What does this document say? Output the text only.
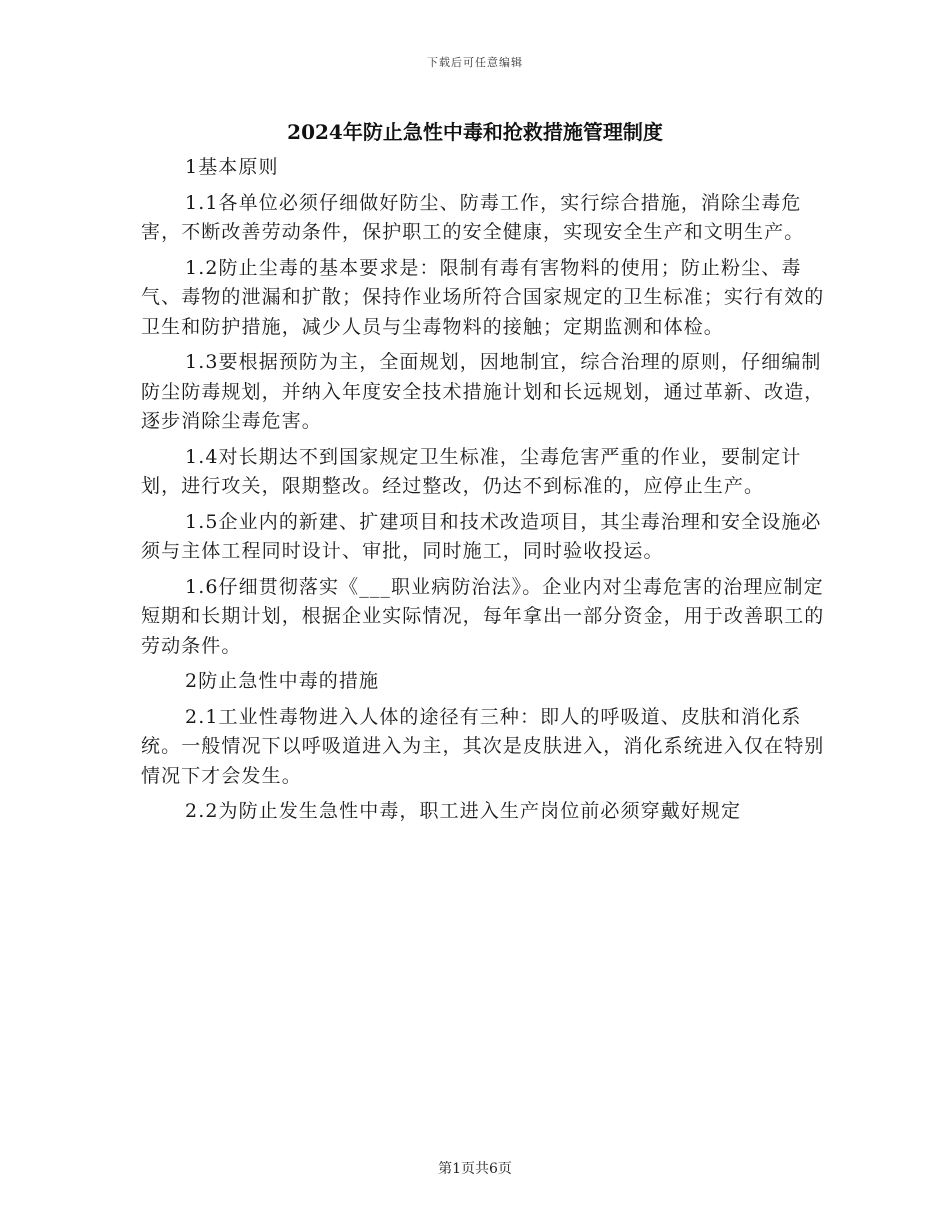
下载后可任意编辑
2024年防止急性中毒和抢救措施管理制度

1基本原则

1.1各单位必须仔细做好防尘、防毒工作，实行综合措施，消除尘毒危害，不断改善劳动条件，保护职工的安全健康，实现安全生产和文明生产。

1.2防止尘毒的基本要求是：限制有毒有害物料的使用；防止粉尘、毒气、毒物的泄漏和扩散；保持作业场所符合国家规定的卫生标准；实行有效的卫生和防护措施，减少人员与尘毒物料的接触；定期监测和体检。

1.3要根据预防为主，全面规划，因地制宜，综合治理的原则，仔细编制防尘防毒规划，并纳入年度安全技术措施计划和长远规划，通过革新、改造，逐步消除尘毒危害。

1.4对长期达不到国家规定卫生标准，尘毒危害严重的作业，要制定计划，进行攻关，限期整改。经过整改，仍达不到标准的，应停止生产。

1.5企业内的新建、扩建项目和技术改造项目，其尘毒治理和安全设施必须与主体工程同时设计、审批，同时施工，同时验收投运。

1.6仔细贯彻落实《___职业病防治法》。企业内对尘毒危害的治理应制定短期和长期计划，根据企业实际情况，每年拿出一部分资金，用于改善职工的劳动条件。

2防止急性中毒的措施

2.1工业性毒物进入人体的途径有三种：即人的呼吸道、皮肤和消化系统。一般情况下以呼吸道进入为主，其次是皮肤进入，消化系统进入仅在特别情况下才会发生。

2.2为防止发生急性中毒，职工进入生产岗位前必须穿戴好规定

第1页共6页
